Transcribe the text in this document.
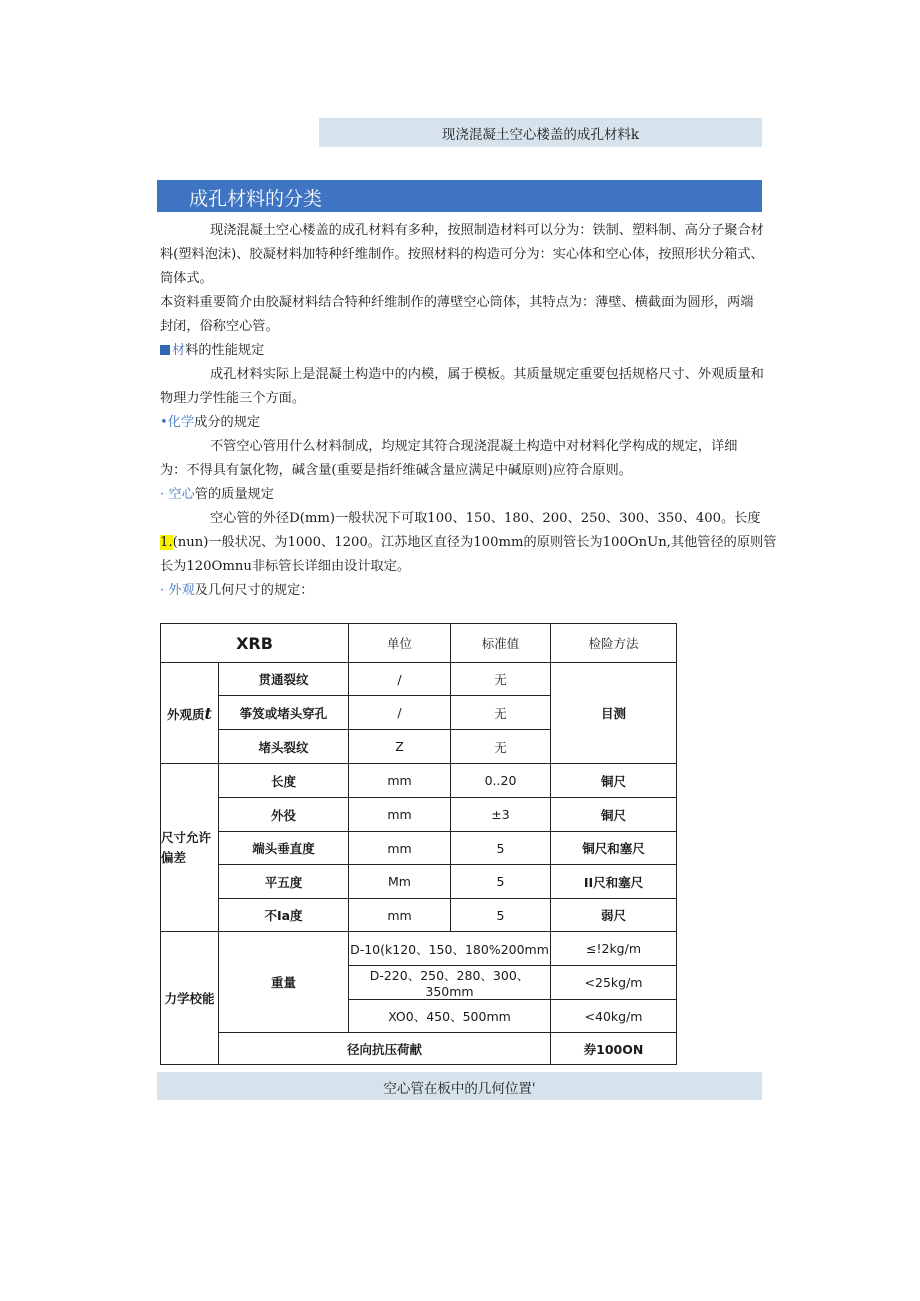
现浇混凝土空心楼盖的成孔材料k
成孔材料的分类
现浇混凝土空心楼盖的成孔材料有多种，按照制造材料可以分为：铁制、塑料制、高分子聚合材
料(塑料泡沫)、胶凝材料加特种纤维制作。按照材料的构造可分为：实心体和空心体，按照形状分箱式、
筒体式。
本资料重要简介由胶凝材料结合特种纤维制作的薄壁空心筒体，其特点为：薄壁、横截面为圆形，两端
封闭，俗称空心管。
材料的性能规定
成孔材料实际上是混凝土构造中的内模，属于模板。其质量规定重要包括规格尺寸、外观质量和
物理力学性能三个方面。
•化学成分的规定
不管空心管用什么材料制成，均规定其符合现浇混凝土构造中对材料化学构成的规定，详细
为：不得具有氯化物，碱含量(重要是指纤维碱含量应满足中碱原则)应符合原则。
· 空心管的质量规定
空心管的外径D(mm)一般状况下可取100、150、180、200、250、300、350、400。长度
1.(nun)一般状况、为1000、1200。江苏地区直径为100mm的原则管长为100OnUn,其他管径的原则管
长为120Omnu非标管长详细由设计取定。
· 外观及几何尺寸的规定：
XRB		单位	标准值	检险方法
外观质t	贯通裂纹	/	无	目测
	筝笈或堵头穿孔	/	无	
	堵头裂纹	Z	无	
尺寸允许
偏差	长度	mm	0..20	铜尺
	外役	mm	±3	铜尺
	端头垂直度	mm	5	铜尺和塞尺
	平五度	Mm	5	II尺和塞尺
	不Ia度	mm	5	弱尺
力学校能	重量	D-10(k120、150、180%200mm		≤!2kg/m
		D-220、250、280、300、350mm		<25kg/m
		XO0、450、500mm		<40kg/m
	径向抗压荷献			券100ON
空心管在板中的几何位置'
